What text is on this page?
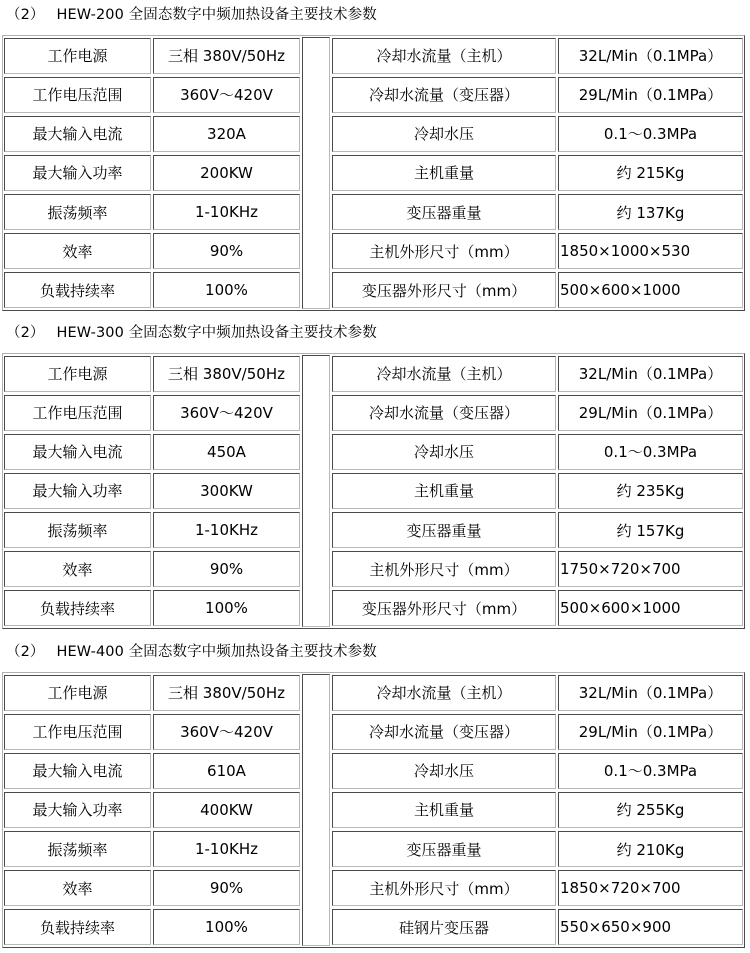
（2） HEW-200 全固态数字中频加热设备主要技术参数
工作电源	三相 380V/50Hz		冷却水流量（主机）	32L/Min（0.1MPa）

工作电压范围	360V～420V		冷却水流量（变压器）	29L/Min（0.1MPa）

最大输入电流	320A		冷却水压	0.1～0.3MPa

最大输入功率	200KW		主机重量	约 215Kg

振荡频率	1-10KHz		变压器重量	约 137Kg

效率	90%		主机外形尺寸（mm）	1850×1000×530

负载持续率	100%		变压器外形尺寸（mm）	500×600×1000
（2） HEW-300 全固态数字中频加热设备主要技术参数
工作电源	三相 380V/50Hz		冷却水流量（主机）	32L/Min（0.1MPa）

工作电压范围	360V～420V		冷却水流量（变压器）	29L/Min（0.1MPa）

最大输入电流	450A		冷却水压	0.1～0.3MPa

最大输入功率	300KW		主机重量	约 235Kg

振荡频率	1-10KHz		变压器重量	约 157Kg

效率	90%		主机外形尺寸（mm）	1750×720×700

负载持续率	100%		变压器外形尺寸（mm）	500×600×1000
（2） HEW-400 全固态数字中频加热设备主要技术参数
工作电源	三相 380V/50Hz		冷却水流量（主机）	32L/Min（0.1MPa）

工作电压范围	360V～420V		冷却水流量（变压器）	29L/Min（0.1MPa）

最大输入电流	610A		冷却水压	0.1～0.3MPa

最大输入功率	400KW		主机重量	约 255Kg

振荡频率	1-10KHz		变压器重量	约 210Kg

效率	90%		主机外形尺寸（mm）	1850×720×700

负载持续率	100%		硅钢片变压器	550×650×900
